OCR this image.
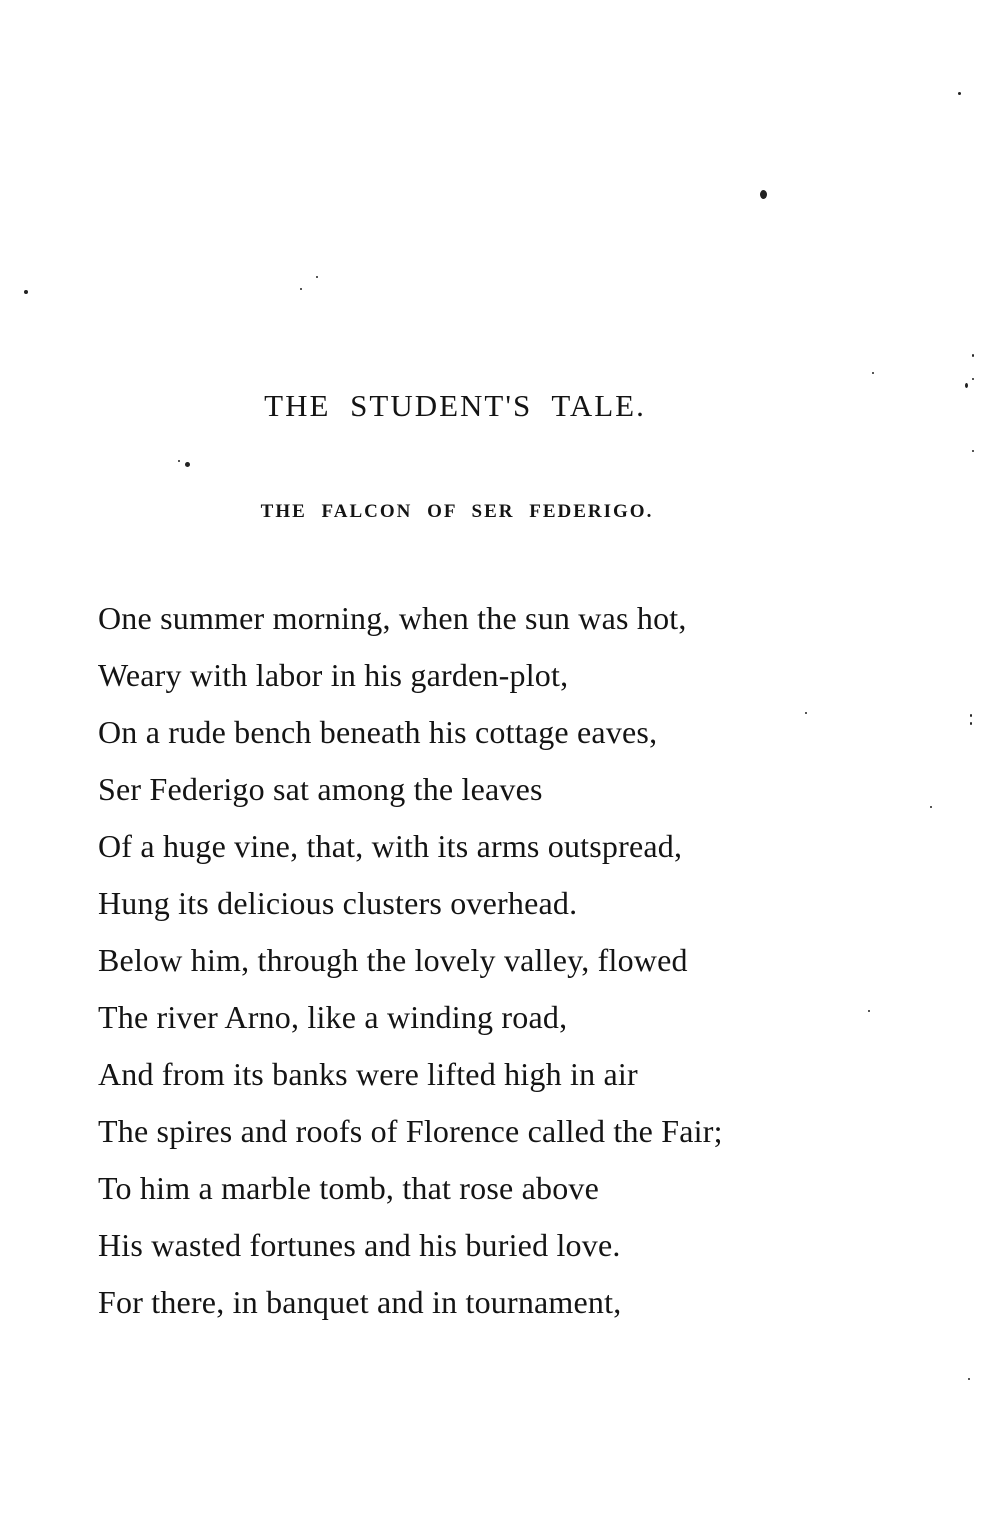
THE STUDENT'S TALE.
THE FALCON OF SER FEDERIGO.
One summer morning, when the sun was hot,
Weary with labor in his garden-plot,
On a rude bench beneath his cottage eaves,
Ser Federigo sat among the leaves
Of a huge vine, that, with its arms outspread,
Hung its delicious clusters overhead.
Below him, through the lovely valley, flowed
The river Arno, like a winding road,
And from its banks were lifted high in air
The spires and roofs of Florence called the Fair;
To him a marble tomb, that rose above
His wasted fortunes and his buried love.
For there, in banquet and in tournament,
